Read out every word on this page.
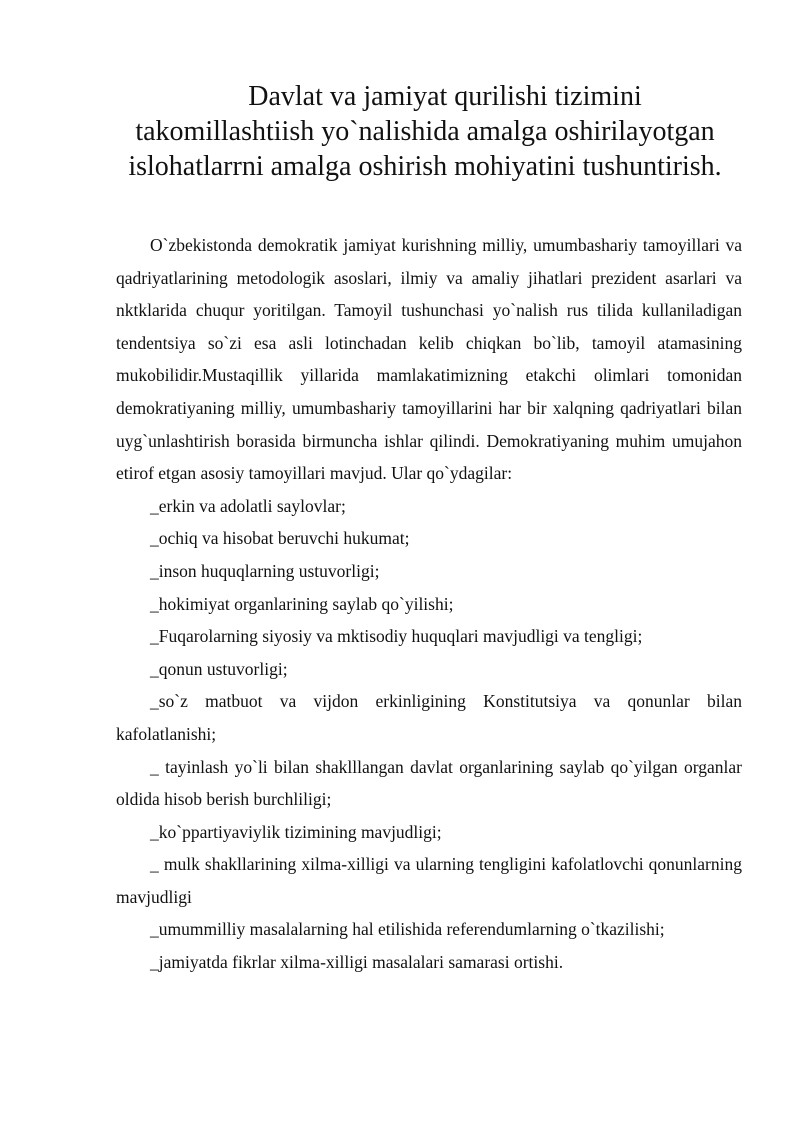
Davlat va jamiyat qurilishi tizimini
takomillashtiish yo`nalishida amalga oshirilayotgan
islohatlarrni amalga oshirish mohiyatini tushuntirish.

O`zbekistonda demokratik jamiyat kurishning milliy, umumbashariy tamoyillari va qadriyatlarining metodologik asoslari, ilmiy va amaliy jihatlari prezident asarlari va nktklarida chuqur yoritilgan. Tamoyil tushunchasi yo`nalish rus tilida kullaniladigan tendentsiya so`zi esa asli lotinchadan kelib chiqkan bo`lib, tamoyil atamasining mukobilidir.Mustaqillik yillarida mamlakatimizning etakchi olimlari tomonidan demokratiyaning milliy, umumbashariy tamoyillarini har bir xalqning qadriyatlari bilan uyg`unlashtirish borasida birmuncha ishlar qilindi. Demokratiyaning muhim umujahon etirof etgan asosiy tamoyillari mavjud. Ular qo`ydagilar:

_erkin va adolatli saylovlar;
_ochiq va hisobat beruvchi hukumat;
_inson huquqlarning ustuvorligi;
_hokimiyat organlarining saylab qo`yilishi;
_Fuqarolarning siyosiy va mktisodiy huquqlari mavjudligi va tengligi;
_qonun ustuvorligi;
_so`z matbuot va vijdon erkinligining Konstitutsiya va qonunlar bilan kafolatlanishi;
_ tayinlash yo`li bilan shaklllangan davlat organlarining saylab qo`yilgan organlar oldida hisob berish burchliligi;
_ko`ppartiyaviylik tizimining mavjudligi;
_ mulk shakllarining xilma-xilligi va ularning tengligini kafolatlovchi qonunlarning mavjudligi
_umummilliy masalalarning hal etilishida referendumlarning o`tkazilishi;
_jamiyatda fikrlar xilma-xilligi masalalari samarasi ortishi.
